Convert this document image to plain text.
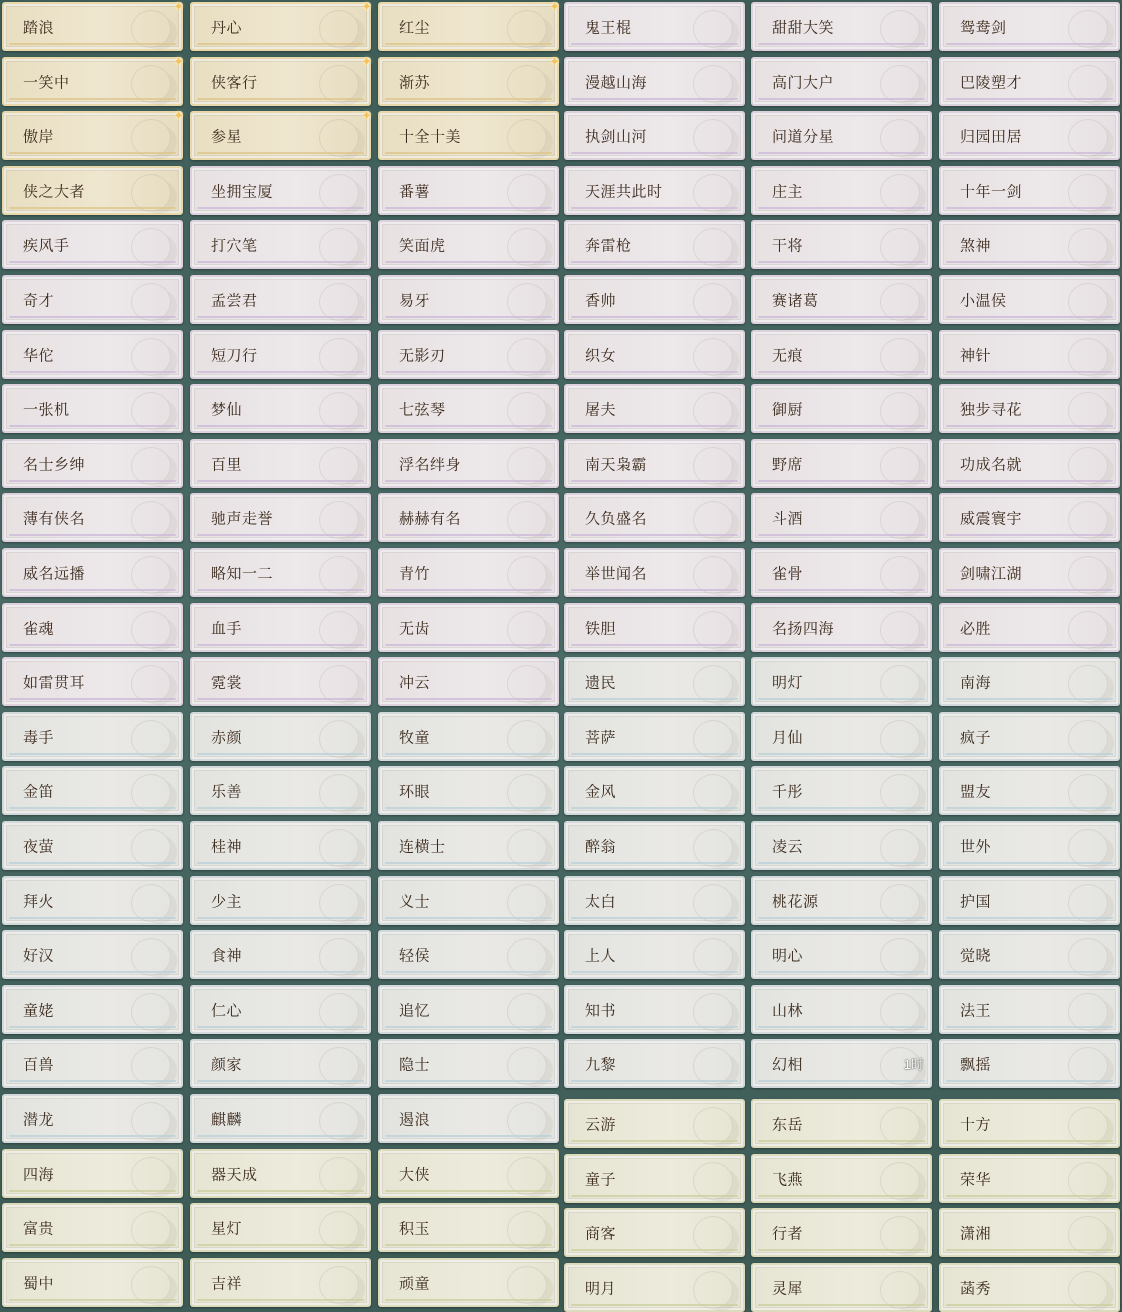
踏浪
✦
一笑中
✦
傲岸
✦
侠之大者
疾风手
奇才
华佗
一张机
名士乡绅
薄有侠名
威名远播
雀魂
如雷贯耳
毒手
金笛
夜萤
拜火
好汉
童姥
百兽
潜龙
四海
富贵
蜀中
丹心
✦
侠客行
✦
参星
✦
坐拥宝厦
打穴笔
孟尝君
短刀行
梦仙
百里
驰声走誉
略知一二
血手
霓裳
赤颜
乐善
桂神
少主
食神
仁心
颜家
麒麟
器天成
星灯
吉祥
红尘
✦
渐苏
✦
十全十美
番薯
笑面虎
易牙
无影刃
七弦琴
浮名绊身
赫赫有名
青竹
无齿
冲云
牧童
环眼
连横士
义士
轻侯
追忆
隐士
遏浪
大侠
积玉
顽童
鬼王棍
漫越山海
执剑山河
天涯共此时
奔雷枪
香帅
织女
屠夫
南天枭霸
久负盛名
举世闻名
铁胆
遗民
菩萨
金风
醉翁
太白
上人
知书
九黎
云游
童子
商客
明月
甜甜大笑
高门大户
问道分星
庄主
干将
赛诸葛
无痕
御厨
野席
斗酒
雀骨
名扬四海
明灯
月仙
千彤
凌云
桃花源
明心
山林
幻相	1时
东岳
飞燕
行者
灵犀
鸳鸯剑
巴陵塑才
归园田居
十年一剑
煞神
小温侯
神针
独步寻花
功成名就
威震寰宇
剑啸江湖
必胜
南海
疯子
盟友
世外
护国
觉晓
法王
飘摇
十方
荣华
潇湘
菡秀
